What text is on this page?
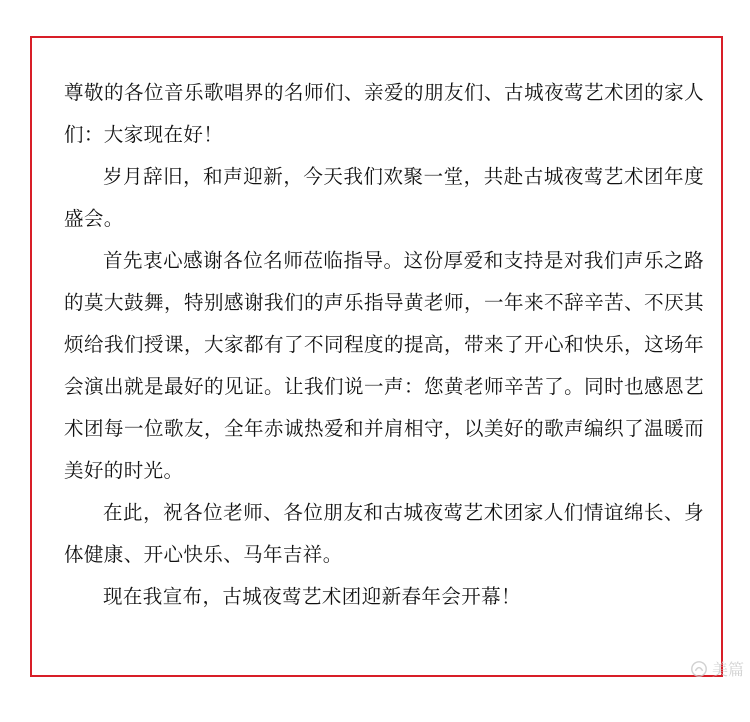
尊敬的各位音乐歌唱界的名师们、亲爱的朋友们、古城夜莺艺术团的家人们：大家现在好！

岁月辞旧，和声迎新，今天我们欢聚一堂，共赴古城夜莺艺术团年度盛会。

首先衷心感谢各位名师莅临指导。这份厚爱和支持是对我们声乐之路的莫大鼓舞，特别感谢我们的声乐指导黄老师，一年来不辞辛苦、不厌其烦给我们授课，大家都有了不同程度的提高，带来了开心和快乐，这场年会演出就是最好的见证。让我们说一声：您黄老师辛苦了。同时也感恩艺术团每一位歌友，全年赤诚热爱和并肩相守，以美好的歌声编织了温暖而美好的时光。

在此，祝各位老师、各位朋友和古城夜莺艺术团家人们情谊绵长、身体健康、开心快乐、马年吉祥。

现在我宣布，古城夜莺艺术团迎新春年会开幕！

美篇
